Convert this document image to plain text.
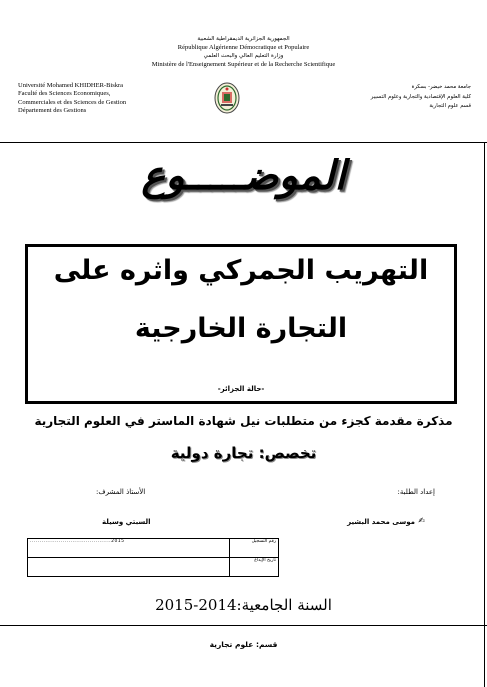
الجمهورية الجزائرية الديمقراطية الشعبية
République Algérienne Démocratique et Populaire
وزارة التعليم العالي والبحث العلمي
Ministère de l'Enseignement Supérieur et de la Recherche Scientifique
Université Mohamed KHIDHER-Biskra
Faculté des Sciences Economiques,
Commerciales et des Sciences de Gestion
Département des Gestions
جامعة محمد خيضر- بسكرة
كلية العلوم الإقتصادية والتجارية وعلوم التسيير
قسم علوم التجارية
الموضـــــوع
التهريب الجمركي واثره على
التجارة الخارجية
-حالة الجزائر-
مذكرة مقدمة كجزء من متطلبات نيل شهادة الماستر في العلوم التجارية
تخصص: تجارة دولية
إعداد الطلبة:
الأستاذ المشرف:
موسى محمد البشير ✍
السبتي وسيلة
..........................................2015	رقم التسجيل
	تاريخ الإيداع
السنة الجامعية:2014-2015
قسم: علوم تجارية
